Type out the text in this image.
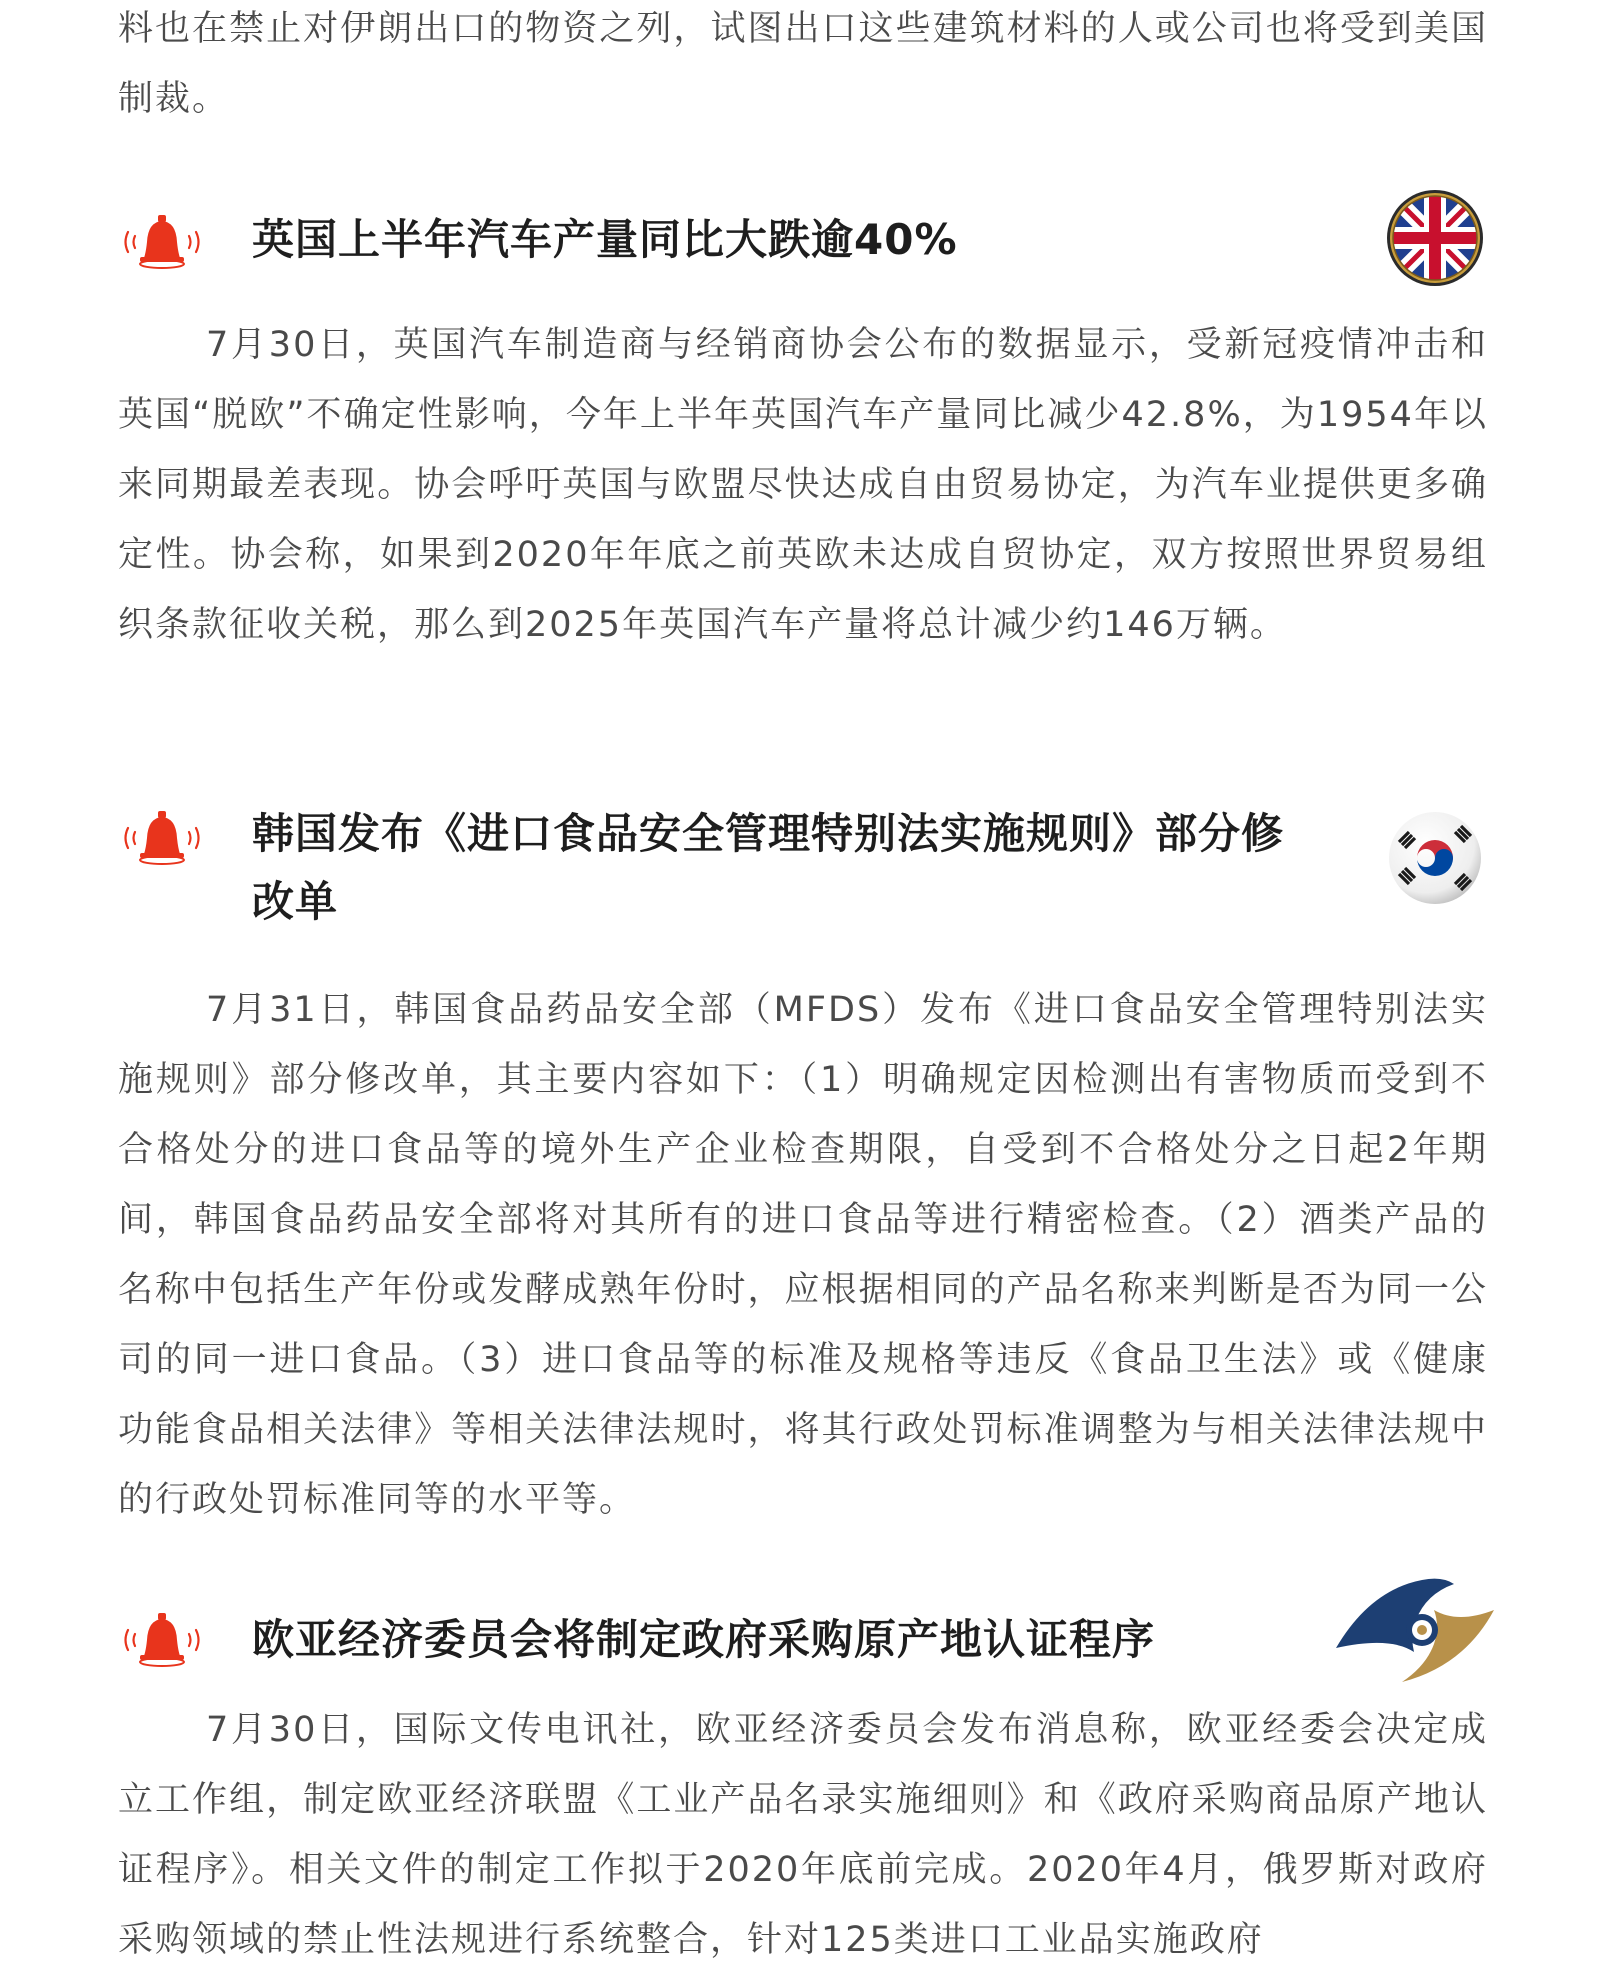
料也在禁止对伊朗出口的物资之列，试图出口这些建筑材料的人或公司也将受到美国制裁。

英国上半年汽车产量同比大跌逾40%

7月30日，英国汽车制造商与经销商协会公布的数据显示，受新冠疫情冲击和英国“脱欧”不确定性影响，今年上半年英国汽车产量同比减少42.8%，为1954年以来同期最差表现。协会呼吁英国与欧盟尽快达成自由贸易协定，为汽车业提供更多确定性。协会称，如果到2020年年底之前英欧未达成自贸协定，双方按照世界贸易组织条款征收关税，那么到2025年英国汽车产量将总计减少约146万辆。

韩国发布《进口食品安全管理特别法实施规则》部分修改单

7月31日，韩国食品药品安全部（MFDS）发布《进口食品安全管理特别法实施规则》部分修改单，其主要内容如下：（1）明确规定因检测出有害物质而受到不合格处分的进口食品等的境外生产企业检查期限，自受到不合格处分之日起2年期间，韩国食品药品安全部将对其所有的进口食品等进行精密检查。（2）酒类产品的名称中包括生产年份或发酵成熟年份时，应根据相同的产品名称来判断是否为同一公司的同一进口食品。（3）进口食品等的标准及规格等违反《食品卫生法》或《健康功能食品相关法律》等相关法律法规时，将其行政处罚标准调整为与相关法律法规中的行政处罚标准同等的水平等。

欧亚经济委员会将制定政府采购原产地认证程序

7月30日，国际文传电讯社，欧亚经济委员会发布消息称，欧亚经委会决定成立工作组，制定欧亚经济联盟《工业产品名录实施细则》和《政府采购商品原产地认证程序》。相关文件的制定工作拟于2020年底前完成。2020年4月，俄罗斯对政府采购领域的禁止性法规进行系统整合，针对125类进口工业品实施政府
